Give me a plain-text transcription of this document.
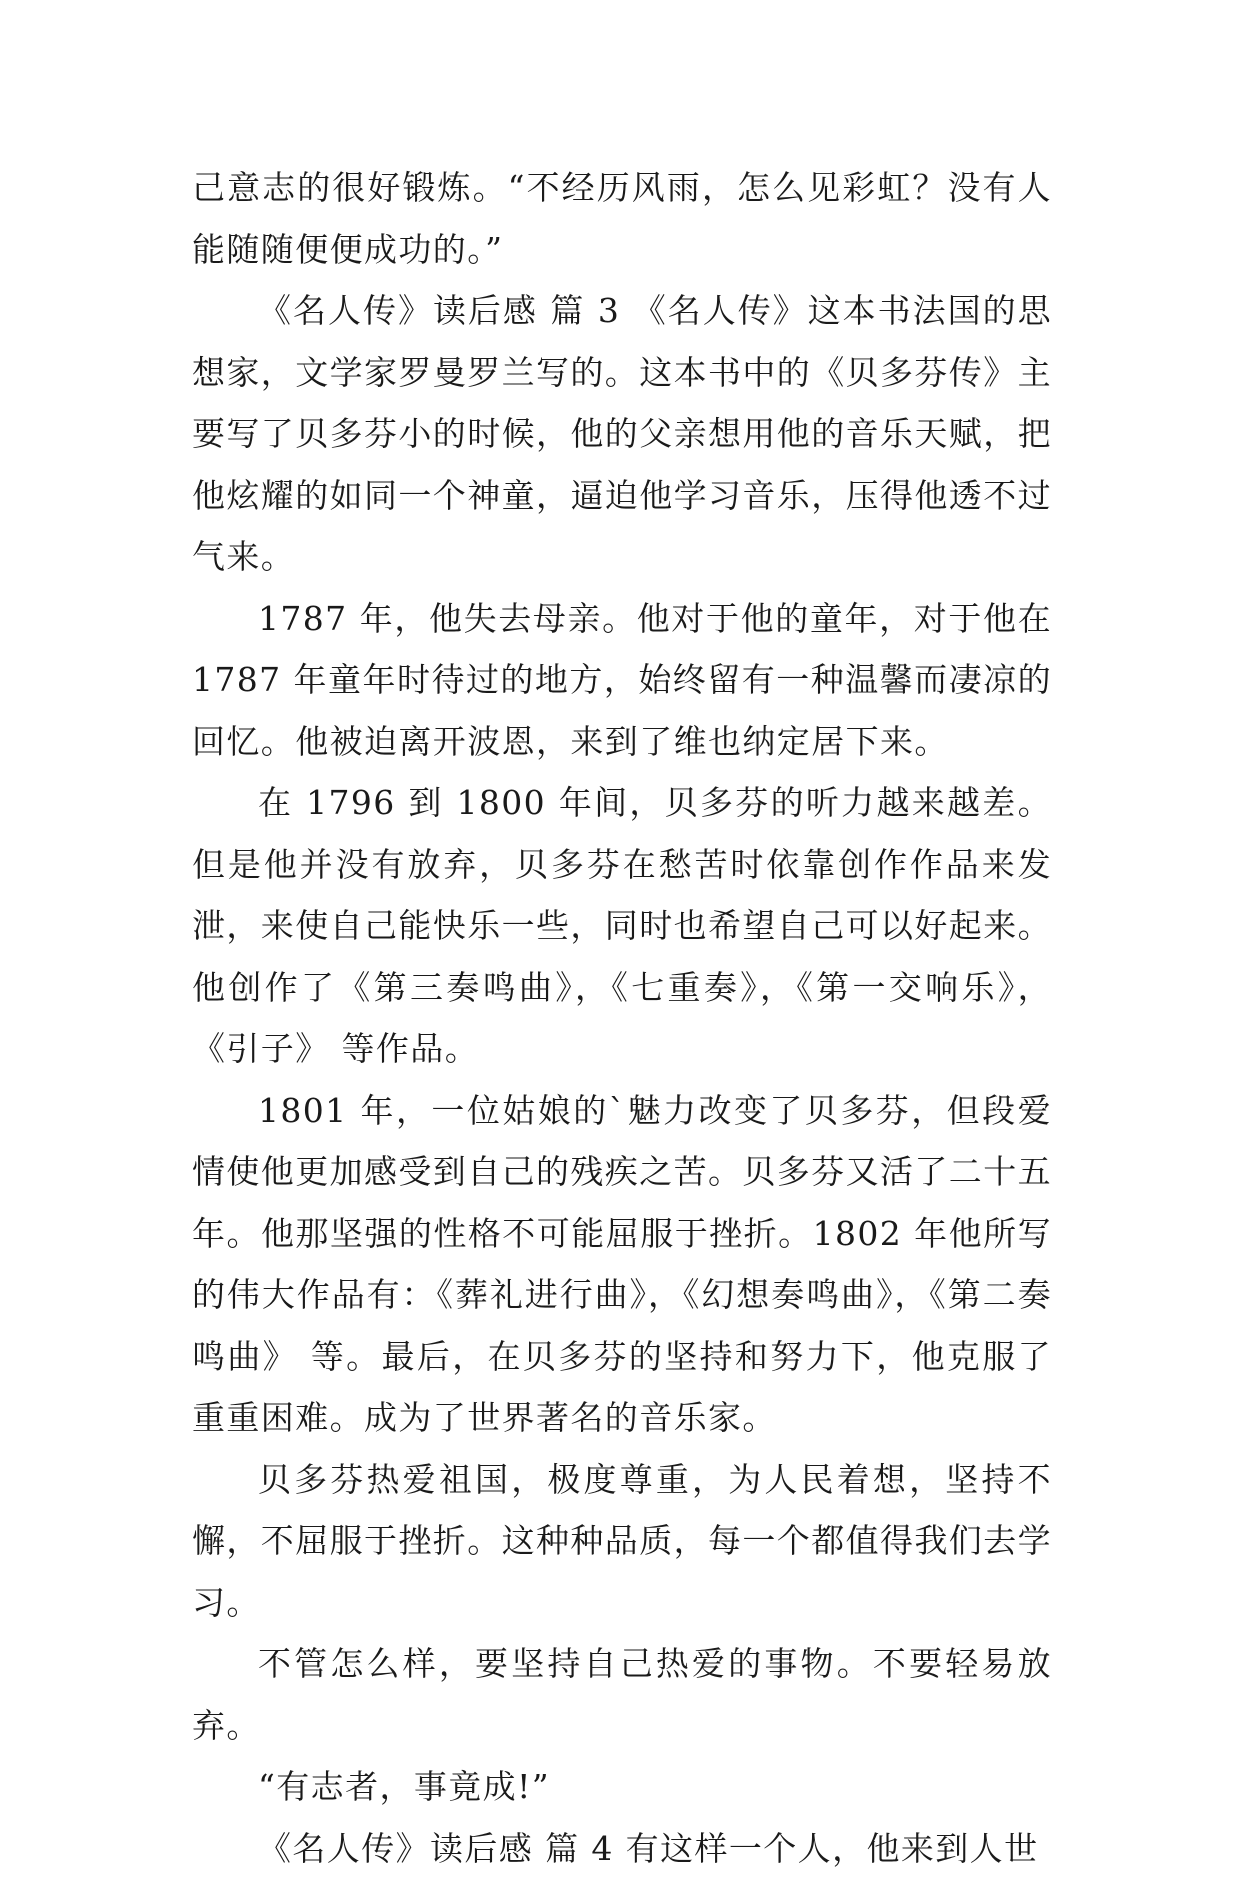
己意志的很好锻炼。“不经历风雨，怎么见彩虹？没有人能随随便便成功的。”

《名人传》读后感 篇 3 《名人传》这本书法国的思想家，文学家罗曼罗兰写的。这本书中的《贝多芬传》主要写了贝多芬小的时候，他的父亲想用他的音乐天赋，把他炫耀的如同一个神童，逼迫他学习音乐，压得他透不过气来。

1787 年，他失去母亲。他对于他的童年，对于他在 1787 年童年时待过的地方，始终留有一种温馨而凄凉的回忆。他被迫离开波恩，来到了维也纳定居下来。

在 1796 到 1800 年间，贝多芬的听力越来越差。但是他并没有放弃，贝多芬在愁苦时依靠创作作品来发泄，来使自己能快乐一些，同时也希望自己可以好起来。他创作了《第三奏鸣曲》，《七重奏》，《第一交响乐》，《引子》 等作品。

1801 年，一位姑娘的`魅力改变了贝多芬，但段爱情使他更加感受到自己的残疾之苦。贝多芬又活了二十五年。他那坚强的性格不可能屈服于挫折。1802 年他所写的伟大作品有：《葬礼进行曲》，《幻想奏鸣曲》，《第二奏鸣曲》 等。最后，在贝多芬的坚持和努力下，他克服了重重困难。成为了世界著名的音乐家。

贝多芬热爱祖国，极度尊重，为人民着想，坚持不懈，不屈服于挫折。这种种品质，每一个都值得我们去学习。

不管怎么样，要坚持自己热爱的事物。不要轻易放弃。

“有志者，事竟成!”

《名人传》读后感 篇 4 有这样一个人，他来到人世
